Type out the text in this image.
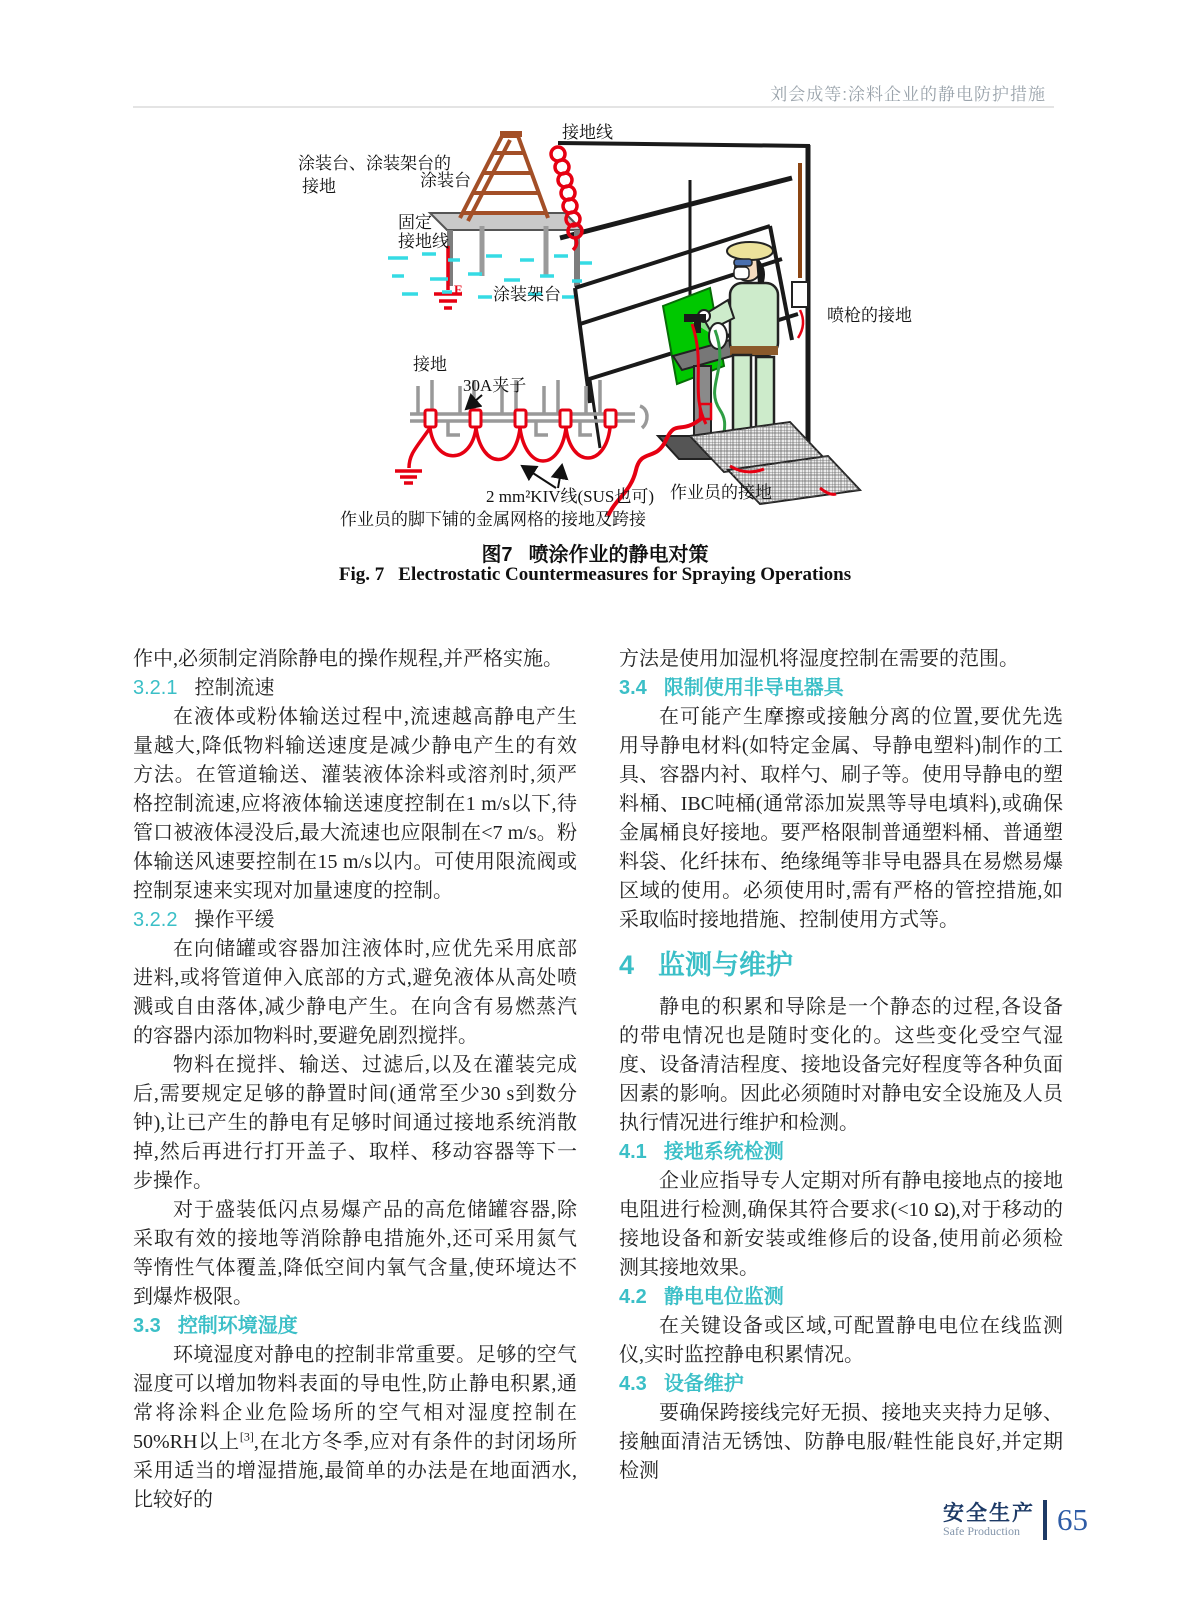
刘会成等:涂料企业的静电防护措施
涂装台、涂装架台的
接地	涂装台
接地线
固定
接地线
涂装架台
接地
30A夹子
2 mm²KIV线(SUS也可)
作业员的脚下铺的金属网格的接地及跨接
作业员的接地
喷枪的接地
E
图7 喷涂作业的静电对策
Fig. 7 Electrostatic Countermeasures for Spraying Operations

作中,必须制定消除静电的操作规程,并严格实施。

3.2.1 控制流速

在液体或粉体输送过程中,流速越高静电产生量越大,降低物料输送速度是减少静电产生的有效方法。在管道输送、灌装液体涂料或溶剂时,须严格控制流速,应将液体输送速度控制在1 m/s以下,待管口被液体浸没后,最大流速也应限制在<7 m/s。粉体输送风速要控制在15 m/s以内。可使用限流阀或控制泵速来实现对加量速度的控制。

3.2.2 操作平缓

在向储罐或容器加注液体时,应优先采用底部进料,或将管道伸入底部的方式,避免液体从高处喷溅或自由落体,减少静电产生。在向含有易燃蒸汽的容器内添加物料时,要避免剧烈搅拌。

物料在搅拌、输送、过滤后,以及在灌装完成后,需要规定足够的静置时间(通常至少30 s到数分钟),让已产生的静电有足够时间通过接地系统消散掉,然后再进行打开盖子、取样、移动容器等下一步操作。

对于盛装低闪点易爆产品的高危储罐容器,除采取有效的接地等消除静电措施外,还可采用氮气等惰性气体覆盖,降低空间内氧气含量,使环境达不到爆炸极限。

3.3 控制环境湿度

环境湿度对静电的控制非常重要。足够的空气湿度可以增加物料表面的导电性,防止静电积累,通常将涂料企业危险场所的空气相对湿度控制在50%RH以上[3],在北方冬季,应对有条件的封闭场所采用适当的增湿措施,最简单的办法是在地面洒水,比较好的

方法是使用加湿机将湿度控制在需要的范围。

3.4 限制使用非导电器具

在可能产生摩擦或接触分离的位置,要优先选用导静电材料(如特定金属、导静电塑料)制作的工具、容器内衬、取样勺、刷子等。使用导静电的塑料桶、IBC吨桶(通常添加炭黑等导电填料),或确保金属桶良好接地。要严格限制普通塑料桶、普通塑料袋、化纤抹布、绝缘绳等非导电器具在易燃易爆区域的使用。必须使用时,需有严格的管控措施,如采取临时接地措施、控制使用方式等。

4 监测与维护

静电的积累和导除是一个静态的过程,各设备的带电情况也是随时变化的。这些变化受空气湿度、设备清洁程度、接地设备完好程度等各种负面因素的影响。因此必须随时对静电安全设施及人员执行情况进行维护和检测。

4.1 接地系统检测

企业应指导专人定期对所有静电接地点的接地电阻进行检测,确保其符合要求(<10 Ω),对于移动的接地设备和新安装或维修后的设备,使用前必须检测其接地效果。

4.2 静电电位监测

在关键设备或区域,可配置静电电位在线监测仪,实时监控静电积累情况。

4.3 设备维护

要确保跨接线完好无损、接地夹夹持力足够、接触面清洁无锈蚀、防静电服/鞋性能良好,并定期检测

安全生产
Safe Production	65
